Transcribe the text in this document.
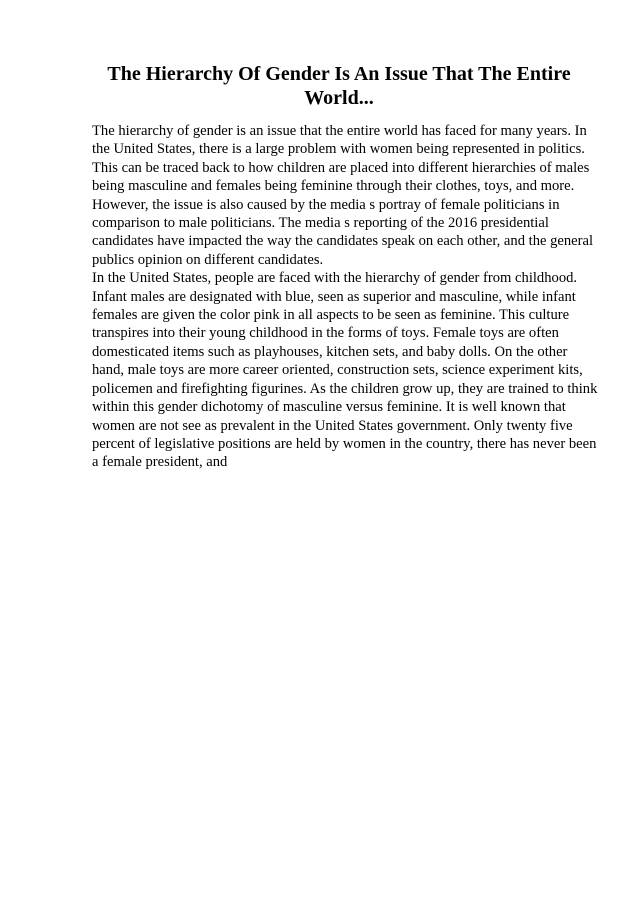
The Hierarchy Of Gender Is An Issue That The Entire World...

The hierarchy of gender is an issue that the entire world has faced for many years. In the United States, there is a large problem with women being represented in politics. This can be traced back to how children are placed into different hierarchies of males being masculine and females being feminine through their clothes, toys, and more. However, the issue is also caused by the media s portray of female politicians in comparison to male politicians. The media s reporting of the 2016 presidential candidates have impacted the way the candidates speak on each other, and the general publics opinion on different candidates.

In the United States, people are faced with the hierarchy of gender from childhood. Infant males are designated with blue, seen as superior and masculine, while infant females are given the color pink in all aspects to be seen as feminine. This culture transpires into their young childhood in the forms of toys. Female toys are often domesticated items such as playhouses, kitchen sets, and baby dolls. On the other hand, male toys are more career oriented, construction sets, science experiment kits, policemen and firefighting figurines. As the children grow up, they are trained to think within this gender dichotomy of masculine versus feminine. It is well known that women are not see as prevalent in the United States government. Only twenty five percent of legislative positions are held by women in the country, there has never been a female president, and
